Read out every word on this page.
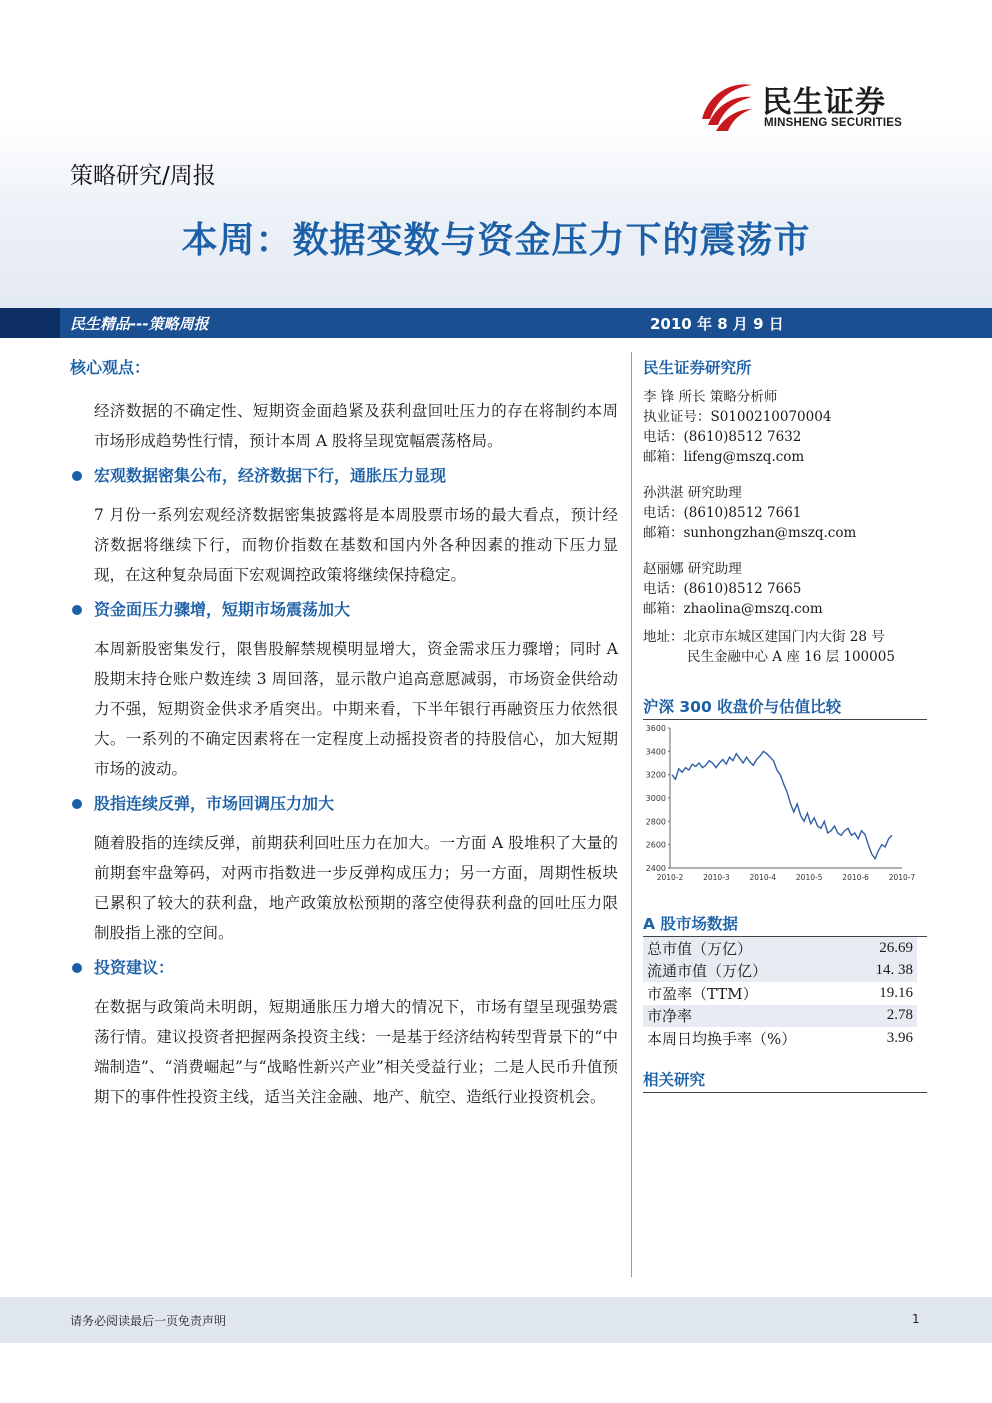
民生证券
MINSHENG SECURITIES
策略研究/周报
本周：数据变数与资金压力下的震荡市
民生精品---策略周报	2010 年 8 月 9 日
核心观点：

经济数据的不确定性、短期资金面趋紧及获利盘回吐压力的存在将制约本周市场形成趋势性行情，预计本周 A 股将呈现宽幅震荡格局。

宏观数据密集公布，经济数据下行，通胀压力显现

7 月份一系列宏观经济数据密集披露将是本周股票市场的最大看点，预计经济数据将继续下行，而物价指数在基数和国内外各种因素的推动下压力显现，在这种复杂局面下宏观调控政策将继续保持稳定。

资金面压力骤增，短期市场震荡加大

本周新股密集发行，限售股解禁规模明显增大，资金需求压力骤增；同时 A 股期末持仓账户数连续 3 周回落，显示散户追高意愿减弱，市场资金供给动力不强，短期资金供求矛盾突出。中期来看，下半年银行再融资压力依然很大。一系列的不确定因素将在一定程度上动摇投资者的持股信心，加大短期市场的波动。

股指连续反弹，市场回调压力加大

随着股指的连续反弹，前期获利回吐压力在加大。一方面 A 股堆积了大量的前期套牢盘筹码，对两市指数进一步反弹构成压力；另一方面，周期性板块已累积了较大的获利盘，地产政策放松预期的落空使得获利盘的回吐压力限制股指上涨的空间。

投资建议：

在数据与政策尚未明朗，短期通胀压力增大的情况下，市场有望呈现强势震荡行情。建议投资者把握两条投资主线：一是基于经济结构转型背景下的“中端制造”、“消费崛起”与“战略性新兴产业”相关受益行业；二是人民币升值预期下的事件性投资主线，适当关注金融、地产、航空、造纸行业投资机会。

民生证券研究所
李 锋 所长 策略分析师
执业证号：S0100210070004
电话：(8610)8512 7632
邮箱：lifeng@mszq.com
孙洪湛 研究助理
电话：(8610)8512 7661
邮箱：sunhongzhan@mszq.com
赵丽娜 研究助理
电话：(8610)8512 7665
邮箱：zhaolina@mszq.com
地址：北京市东城区建国门内大街 28 号
民生金融中心 A 座 16 层 100005
沪深 300 收盘价与估值比较
3600
3400
3200
3000
2800
2600
2400
2010-2	2010-3	2010-4	2010-5	2010-6	2010-7
A 股市场数据
总市值（万亿）	26.69
流通市值（万亿）	14. 38
市盈率（TTM）	19.16
市净率	2.78
本周日均换手率（%）	3.96
相关研究
请务必阅读最后一页免责声明	1
